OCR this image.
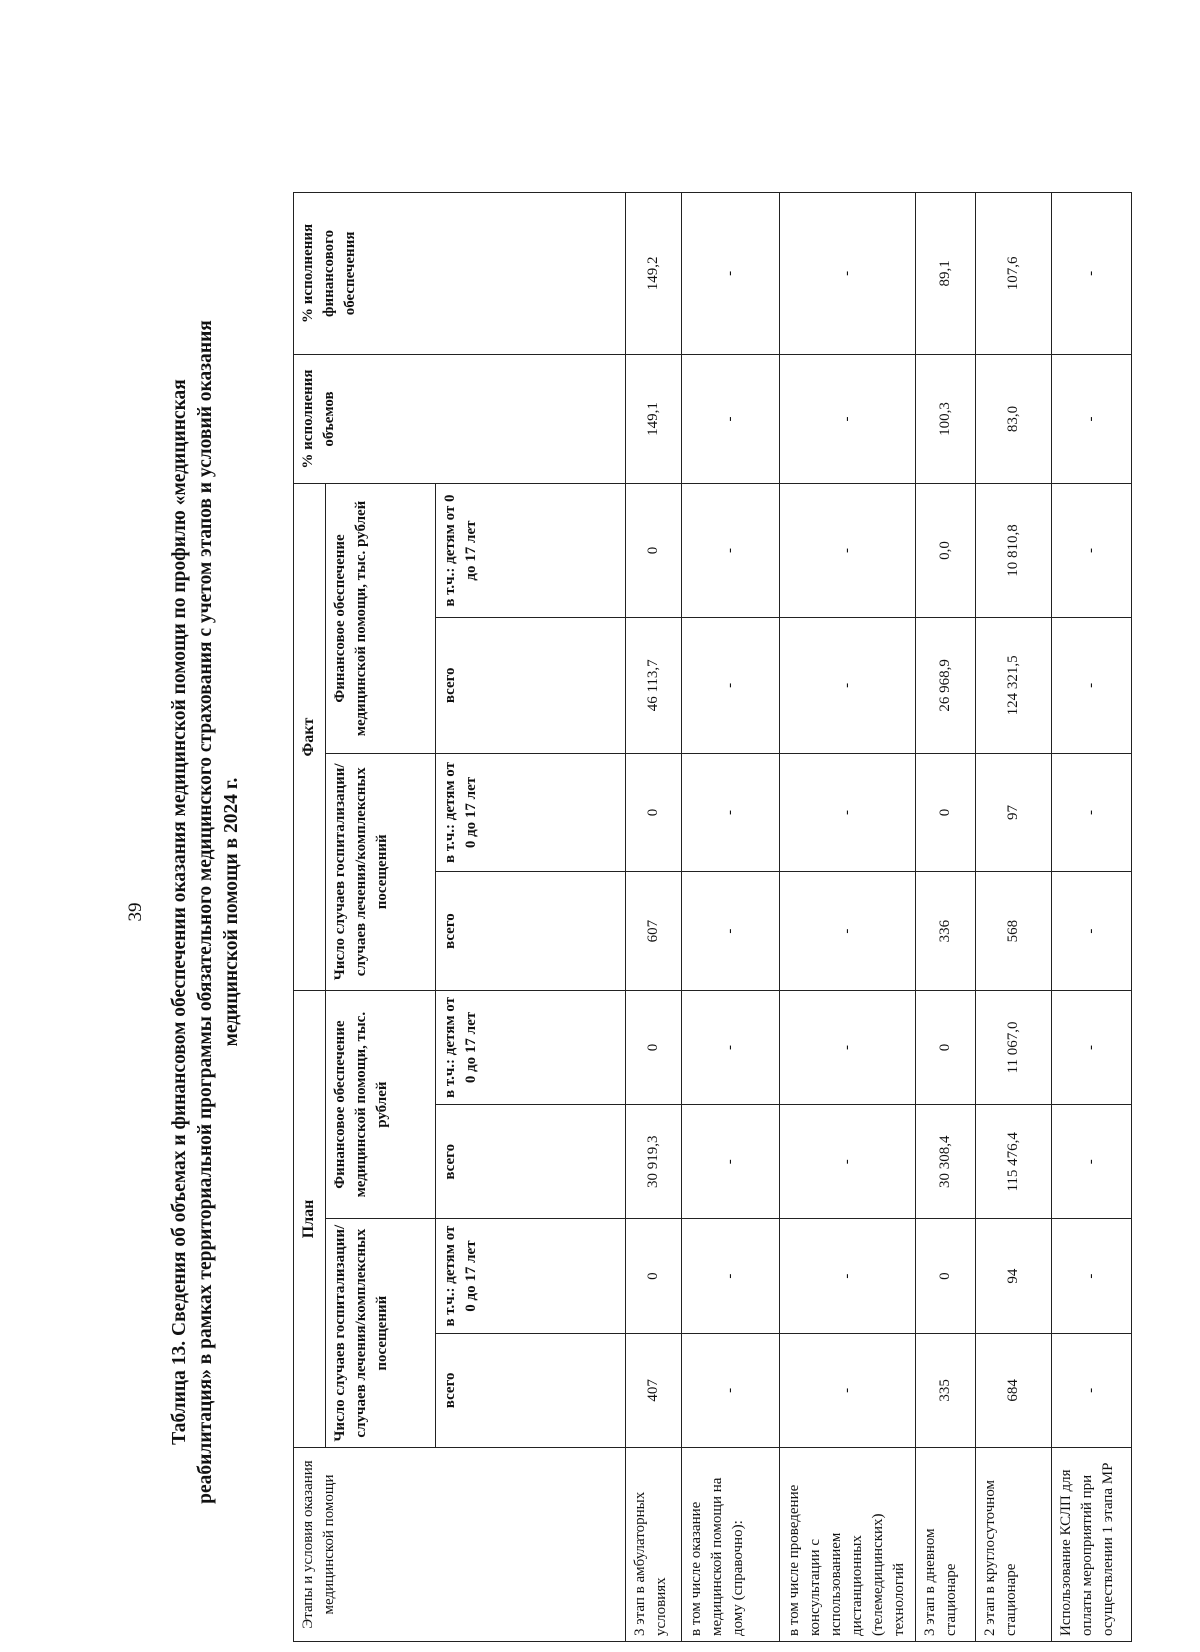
39 Таблица 13. Сведения об объемах и финансовом обеспечении оказания медицинской помощи по профилю «медицинская реабилитация» в рамках территориальной программы обязательного медицинского страхования с учетом этапов и условий оказания медицинской помощи в 2024 г.
Этапы и условия оказания медицинской помощи	План				Факт				% исполнения объемов	% исполнения финансового обеспечения
	Число случаев госпитализации/случаев лечения/комплексных посещений		Финансовое обеспечение медицинской помощи, тыс. рублей		Число случаев госпитализации/случаев лечения/комплексных посещений		Финансовое обеспечение медицинской помощи, тыс. рублей			
	всего	в т.ч.: детям от 0 до 17 лет	всего	в т.ч.: детям от 0 до 17 лет	всего	в т.ч.: детям от 0 до 17 лет	всего	в т.ч.: детям от 0 до 17 лет		
3 этап в амбулаторных условиях	407	0	30 919,3	0	607	0	46 113,7	0	149,1	149,2
в том числе оказание медицинской помощи на дому (справочно):	-	-	-	-	-	-	-	-	-	-
в том числе проведение консультации с использованием дистанционных (телемедицинских) технологий	-	-	-	-	-	-	-	-	-	-
3 этап в дневном стационаре	335	0	30 308,4	0	336	0	26 968,9	0,0	100,3	89,1
2 этап в круглосуточном стационаре	684	94	115 476,4	11 067,0	568	97	124 321,5	10 810,8	83,0	107,6
Использование КСЛП для оплаты мероприятий при осуществлении 1 этапа МР	-	-	-	-	-	-	-	-	-	-
